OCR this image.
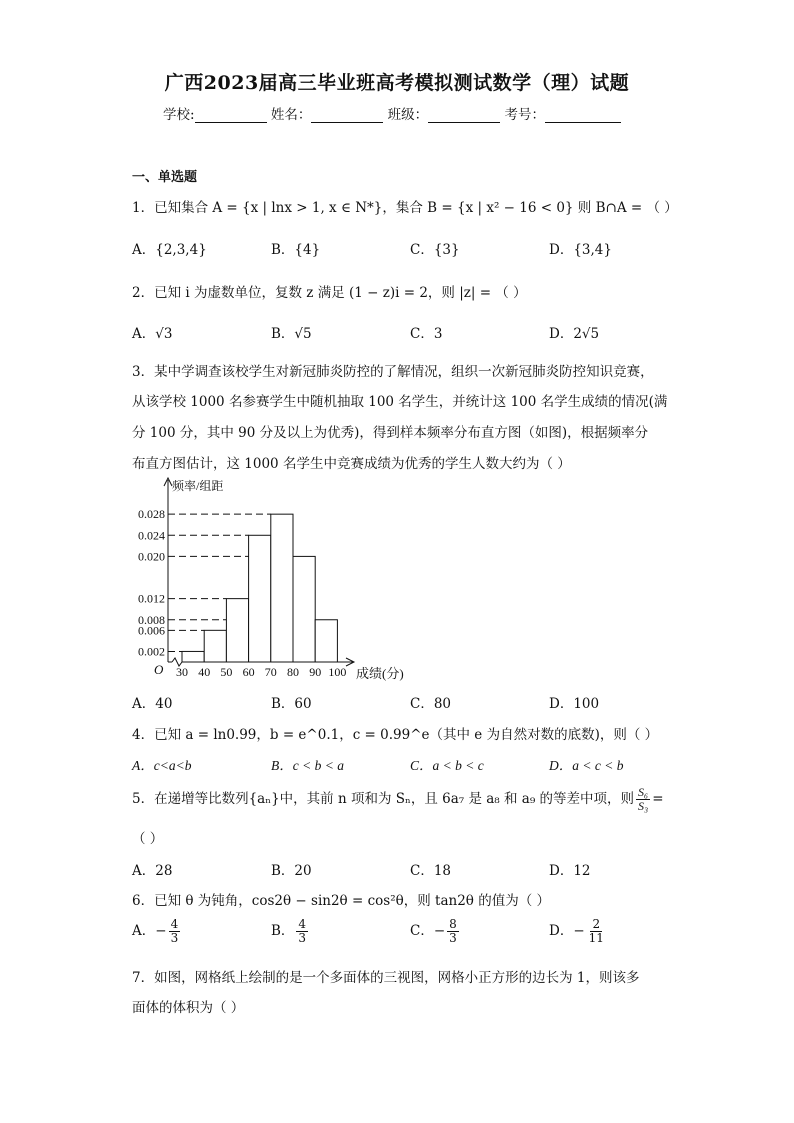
广西2023届高三毕业班高考模拟测试数学（理）试题
学校:	姓名：	班级：	考号：
一、单选题
1．已知集合 A = {x | lnx > 1, x ∈ N*}，集合 B = {x | x² − 16 < 0} 则 B∩A = （ ）
A．{2,3,4}	B．{4}	C．{3}	D．{3,4}
2．已知 i 为虚数单位，复数 z 满足 (1 − z)i = 2，则 |z| = （ ）
A．√3	B．√5	C．3	D．2√5
3．某中学调查该校学生对新冠肺炎防控的了解情况，组织一次新冠肺炎防控知识竞赛，
从该学校 1000 名参赛学生中随机抽取 100 名学生，并统计这 100 名学生成绩的情况(满
分 100 分，其中 90 分及以上为优秀)，得到样本频率分布直方图（如图)，根据频率分
布直方图估计，这 1000 名学生中竞赛成绩为优秀的学生人数大约为（ ）
0.028
0.024
0.020
0.012
0.008
0.006
0.002
30 40 50 60 70 80 90 100
频率/组距
成绩(分)
O
A．40	B．60	C．80	D．100
4．已知 a = ln0.99，b = e^0.1，c = 0.99^e（其中 e 为自然对数的底数)，则（ ）
A．c<a<b	B．c < b < a	C．a < b < c	D．a < c < b
5．在递增等比数列{aₙ}中，其前 n 项和为 Sₙ，且 6a₇ 是 a₈ 和 a₉ 的等差中项，则 $\frac{\text{S₆}}{\text{S₃}}$ =
（ ）
A．28	B．20	C．18	D．12
6．已知 θ 为钝角，cos2θ − sin2θ = cos²θ，则 tan2θ 的值为（ ）
A．− $\frac{4}{3}$	B． $\frac{4}{3}$	C．− $\frac{8}{3}$	D．− $\frac{2}{11}$
7．如图，网格纸上绘制的是一个多面体的三视图，网格小正方形的边长为 1，则该多
面体的体积为（ ）
